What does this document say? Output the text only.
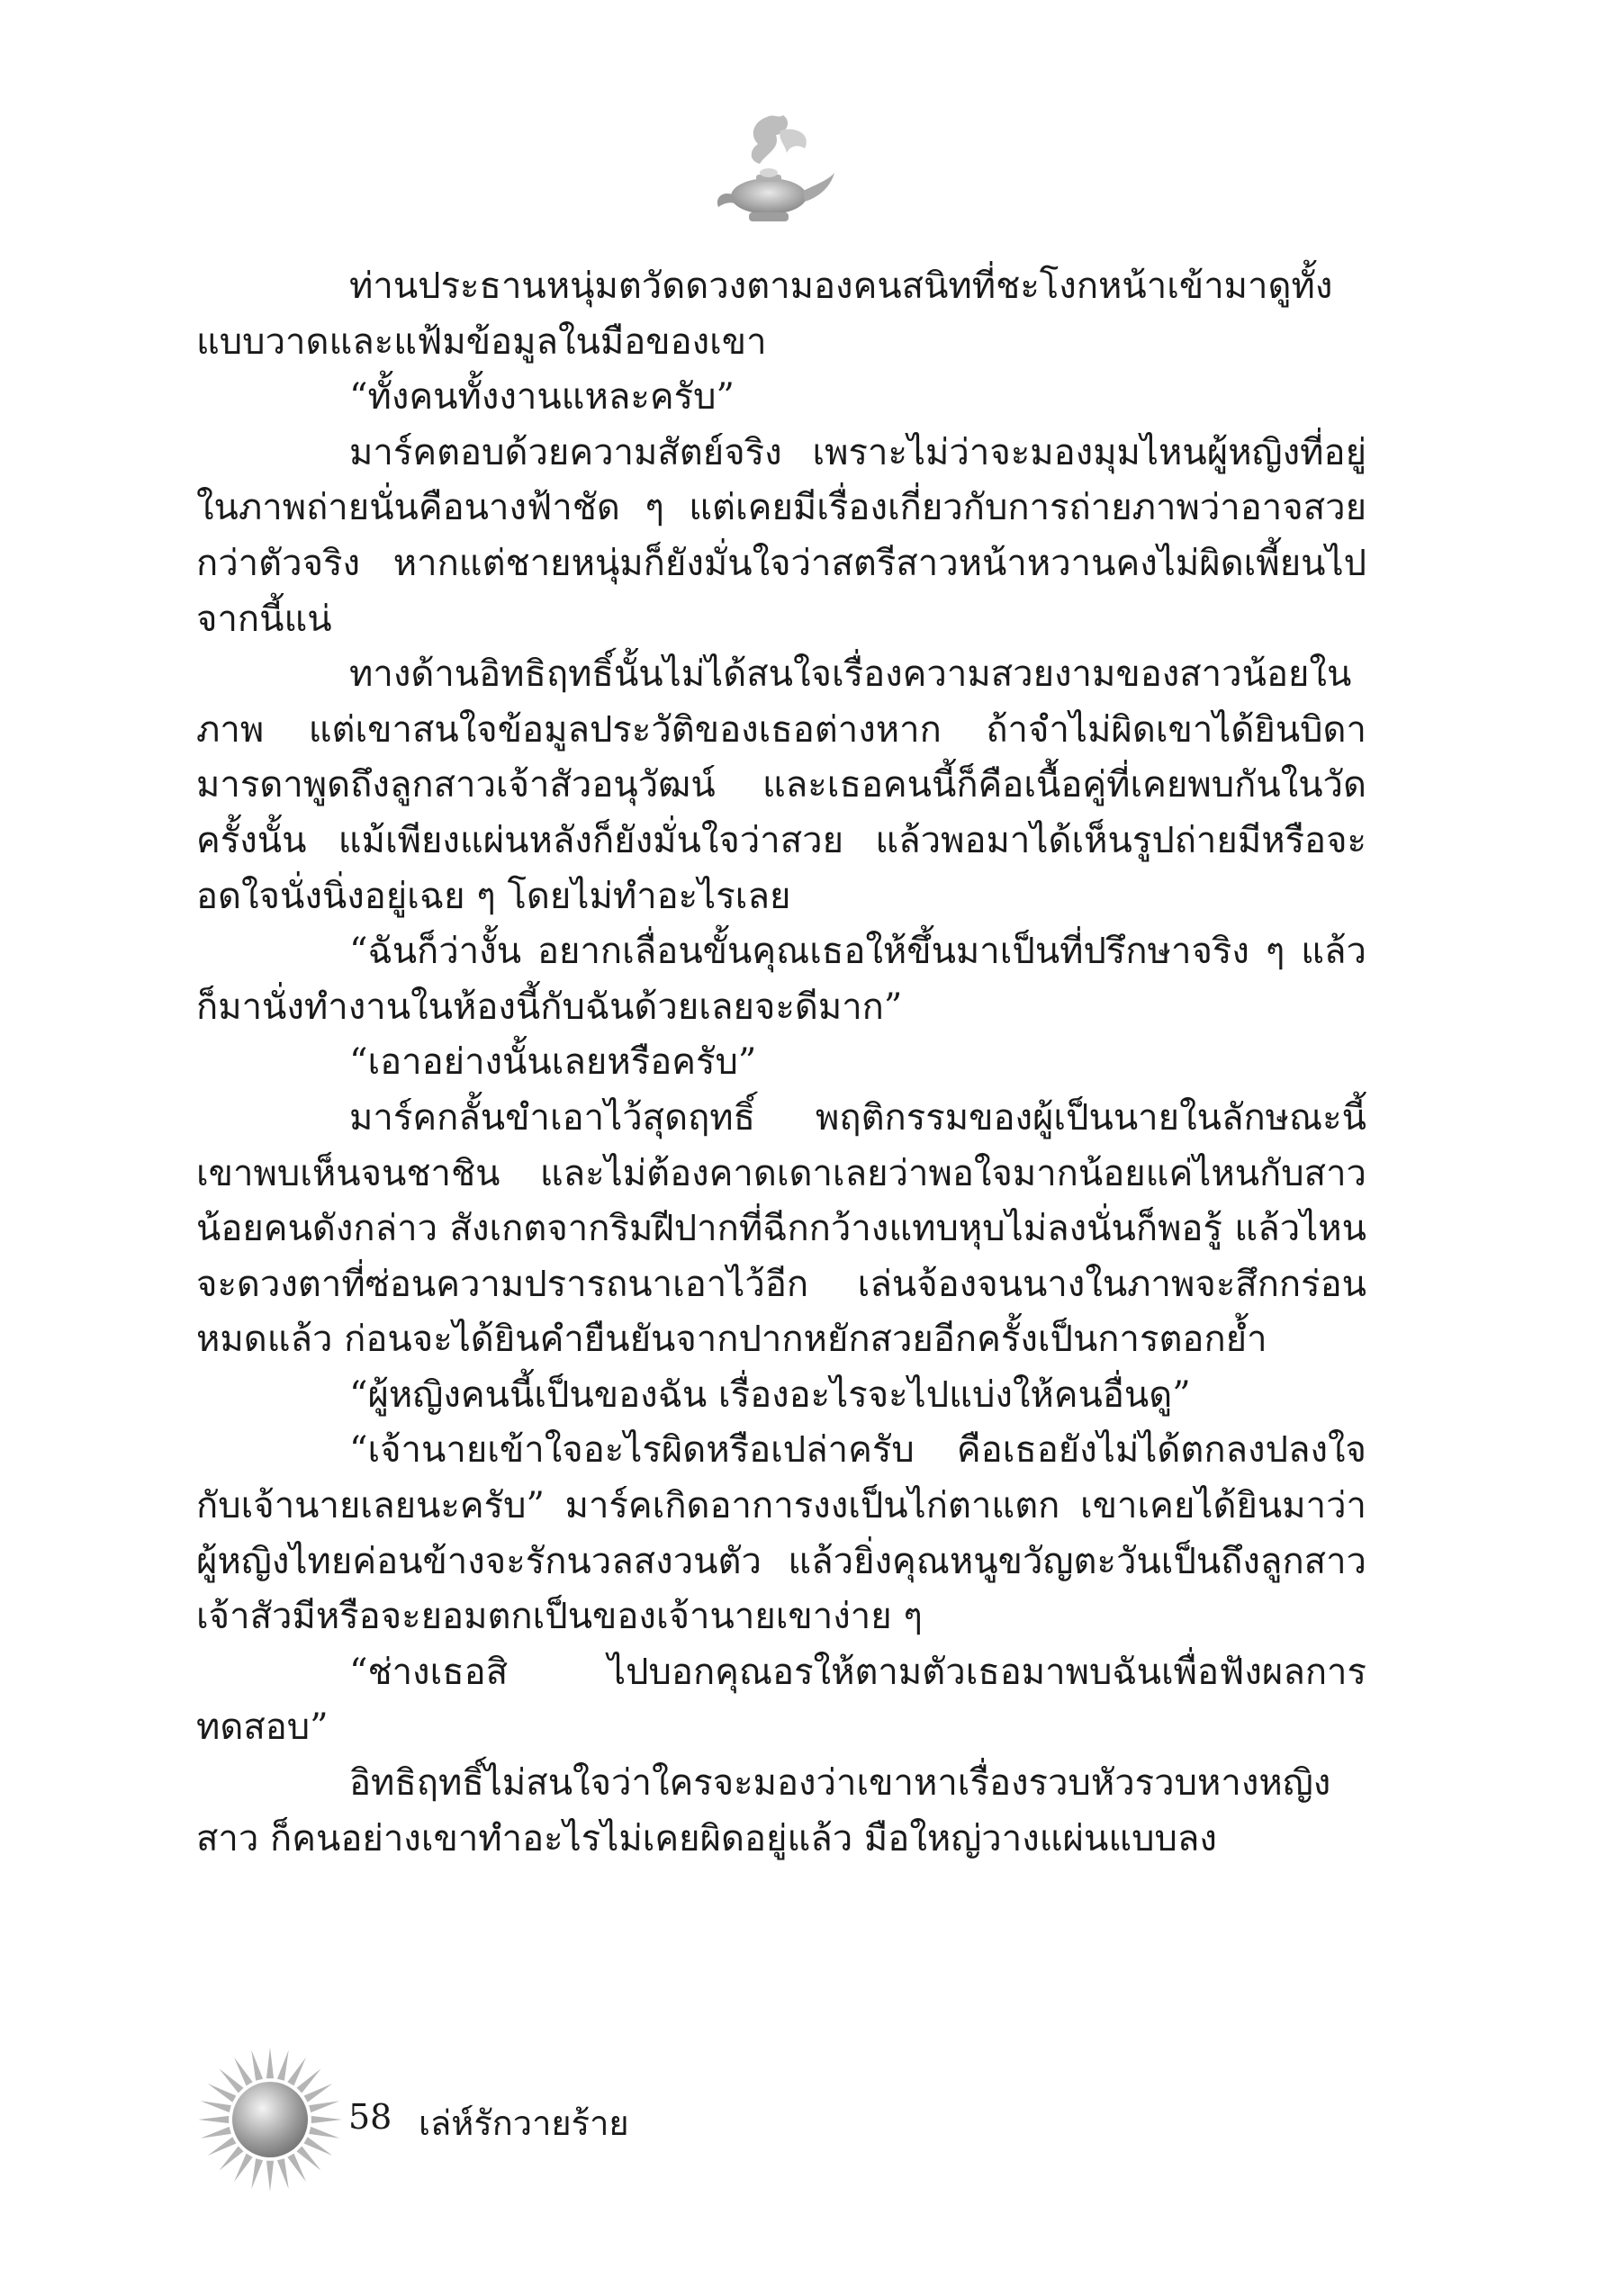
ท่านประธานหนุ่มตวัดดวงตามองคนสนิทที่ชะโงกหน้าเข้ามาดูทั้งแบบวาดและแฟ้มข้อมูลในมือของเขา

“ทั้งคนทั้งงานแหละครับ”

มาร์คตอบด้วยความสัตย์จริง เพราะไม่ว่าจะมองมุมไหนผู้หญิงที่อยู่ในภาพถ่ายนั่นคือนางฟ้าชัด ๆ แต่เคยมีเรื่องเกี่ยวกับการถ่ายภาพว่าอาจสวยกว่าตัวจริง หากแต่ชายหนุ่มก็ยังมั่นใจว่าสตรีสาวหน้าหวานคงไม่ผิดเพี้ยนไปจากนี้แน่

ทางด้านอิทธิฤทธิ์นั้นไม่ได้สนใจเรื่องความสวยงามของสาวน้อยในภาพ แต่เขาสนใจข้อมูลประวัติของเธอต่างหาก ถ้าจำไม่ผิดเขาได้ยินบิดามารดาพูดถึงลูกสาวเจ้าสัวอนุวัฒน์ และเธอคนนี้ก็คือเนื้อคู่ที่เคยพบกันในวัดครั้งนั้น แม้เพียงแผ่นหลังก็ยังมั่นใจว่าสวย แล้วพอมาได้เห็นรูปถ่ายมีหรือจะอดใจนั่งนิ่งอยู่เฉย ๆ โดยไม่ทำอะไรเลย

“ฉันก็ว่างั้น อยากเลื่อนขั้นคุณเธอให้ขึ้นมาเป็นที่ปรึกษาจริง ๆ แล้วก็มานั่งทำงานในห้องนี้กับฉันด้วยเลยจะดีมาก”

“เอาอย่างนั้นเลยหรือครับ”

มาร์คกลั้นขำเอาไว้สุดฤทธิ์ พฤติกรรมของผู้เป็นนายในลักษณะนี้เขาพบเห็นจนชาชิน และไม่ต้องคาดเดาเลยว่าพอใจมากน้อยแค่ไหนกับสาวน้อยคนดังกล่าว สังเกตจากริมฝีปากที่ฉีกกว้างแทบหุบไม่ลงนั่นก็พอรู้ แล้วไหนจะดวงตาที่ซ่อนความปรารถนาเอาไว้อีก เล่นจ้องจนนางในภาพจะสึกกร่อนหมดแล้ว ก่อนจะได้ยินคำยืนยันจากปากหยักสวยอีกครั้งเป็นการตอกย้ำ

“ผู้หญิงคนนี้เป็นของฉัน เรื่องอะไรจะไปแบ่งให้คนอื่นดู”

“เจ้านายเข้าใจอะไรผิดหรือเปล่าครับ คือเธอยังไม่ได้ตกลงปลงใจกับเจ้านายเลยนะครับ” มาร์คเกิดอาการงงเป็นไก่ตาแตก เขาเคยได้ยินมาว่าผู้หญิงไทยค่อนข้างจะรักนวลสงวนตัว แล้วยิ่งคุณหนูขวัญตะวันเป็นถึงลูกสาวเจ้าสัวมีหรือจะยอมตกเป็นของเจ้านายเขาง่าย ๆ

“ช่างเธอสิ ไปบอกคุณอรให้ตามตัวเธอมาพบฉันเพื่อฟังผลการทดสอบ”

อิทธิฤทธิ์ไม่สนใจว่าใครจะมองว่าเขาหาเรื่องรวบหัวรวบหางหญิงสาว ก็คนอย่างเขาทำอะไรไม่เคยผิดอยู่แล้ว มือใหญ่วางแผ่นแบบลง

58 เล่ห์รักวายร้าย
